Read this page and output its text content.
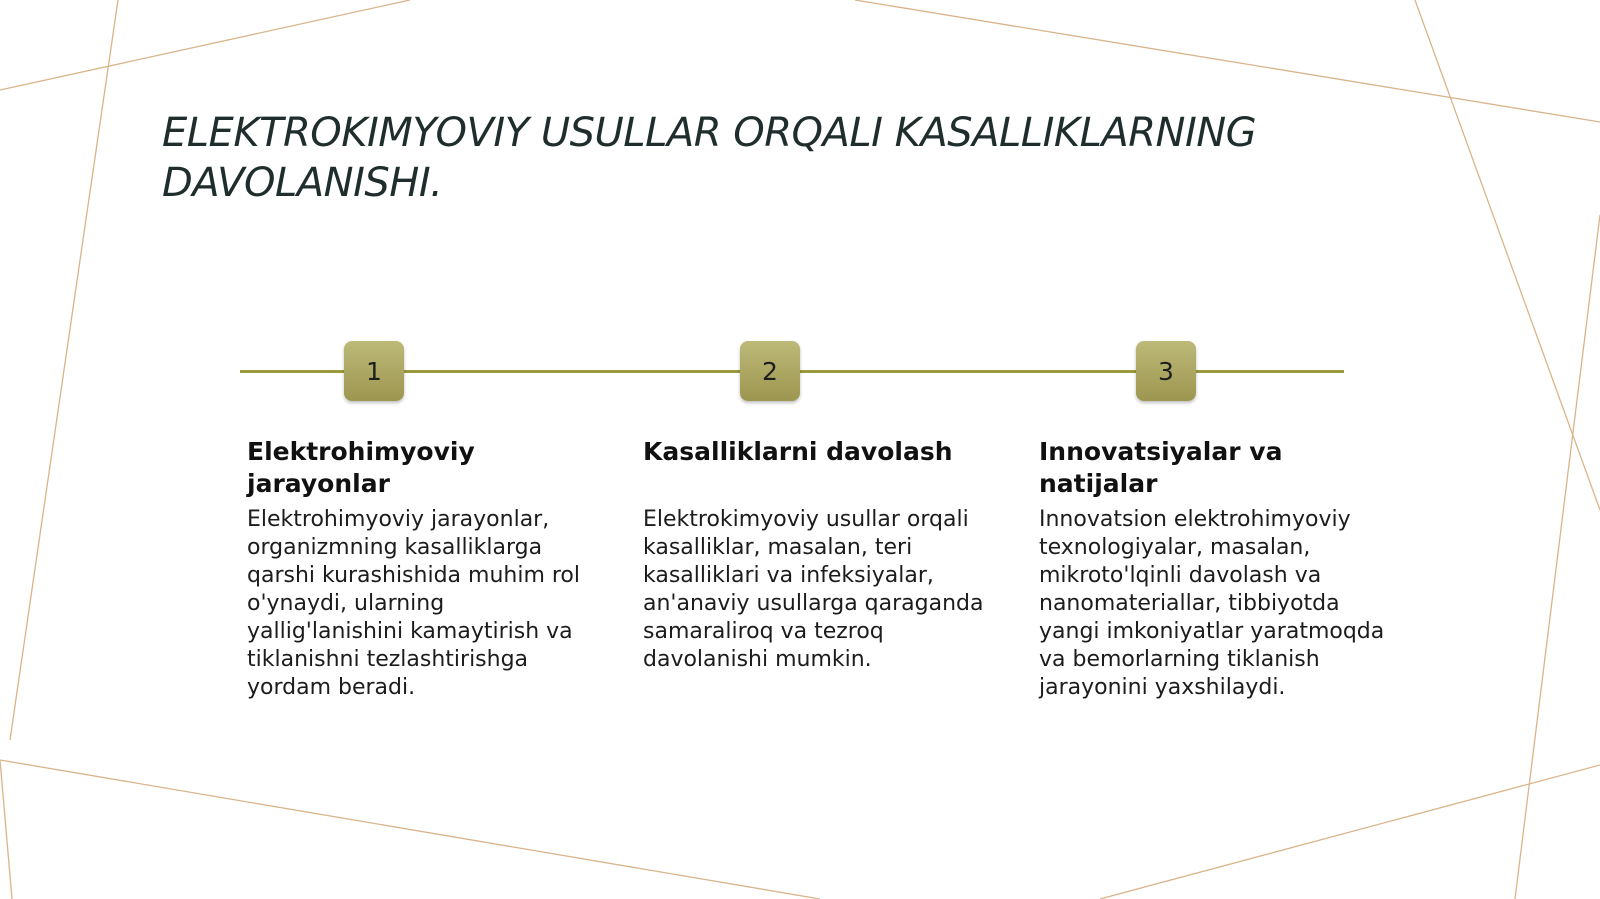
ELEKTROKIMYOVIY USULLAR ORQALI KASALLIKLARNING DAVOLANISHI.
1	2	3
Elektrohimyoviy jarayonlar

Elektrohimyoviy jarayonlar, organizmning kasalliklarga qarshi kurashishida muhim rol o'ynaydi, ularning yallig'lanishini kamaytirish va tiklanishni tezlashtirishga yordam beradi.

Kasalliklarni davolash

Elektrokimyoviy usullar orqali kasalliklar, masalan, teri kasalliklari va infeksiyalar, an'anaviy usullarga qaraganda samaraliroq va tezroq davolanishi mumkin.

Innovatsiyalar va natijalar

Innovatsion elektrohimyoviy texnologiyalar, masalan, mikroto'lqinli davolash va nanomateriallar, tibbiyotda yangi imkoniyatlar yaratmoqda va bemorlarning tiklanish jarayonini yaxshilaydi.
